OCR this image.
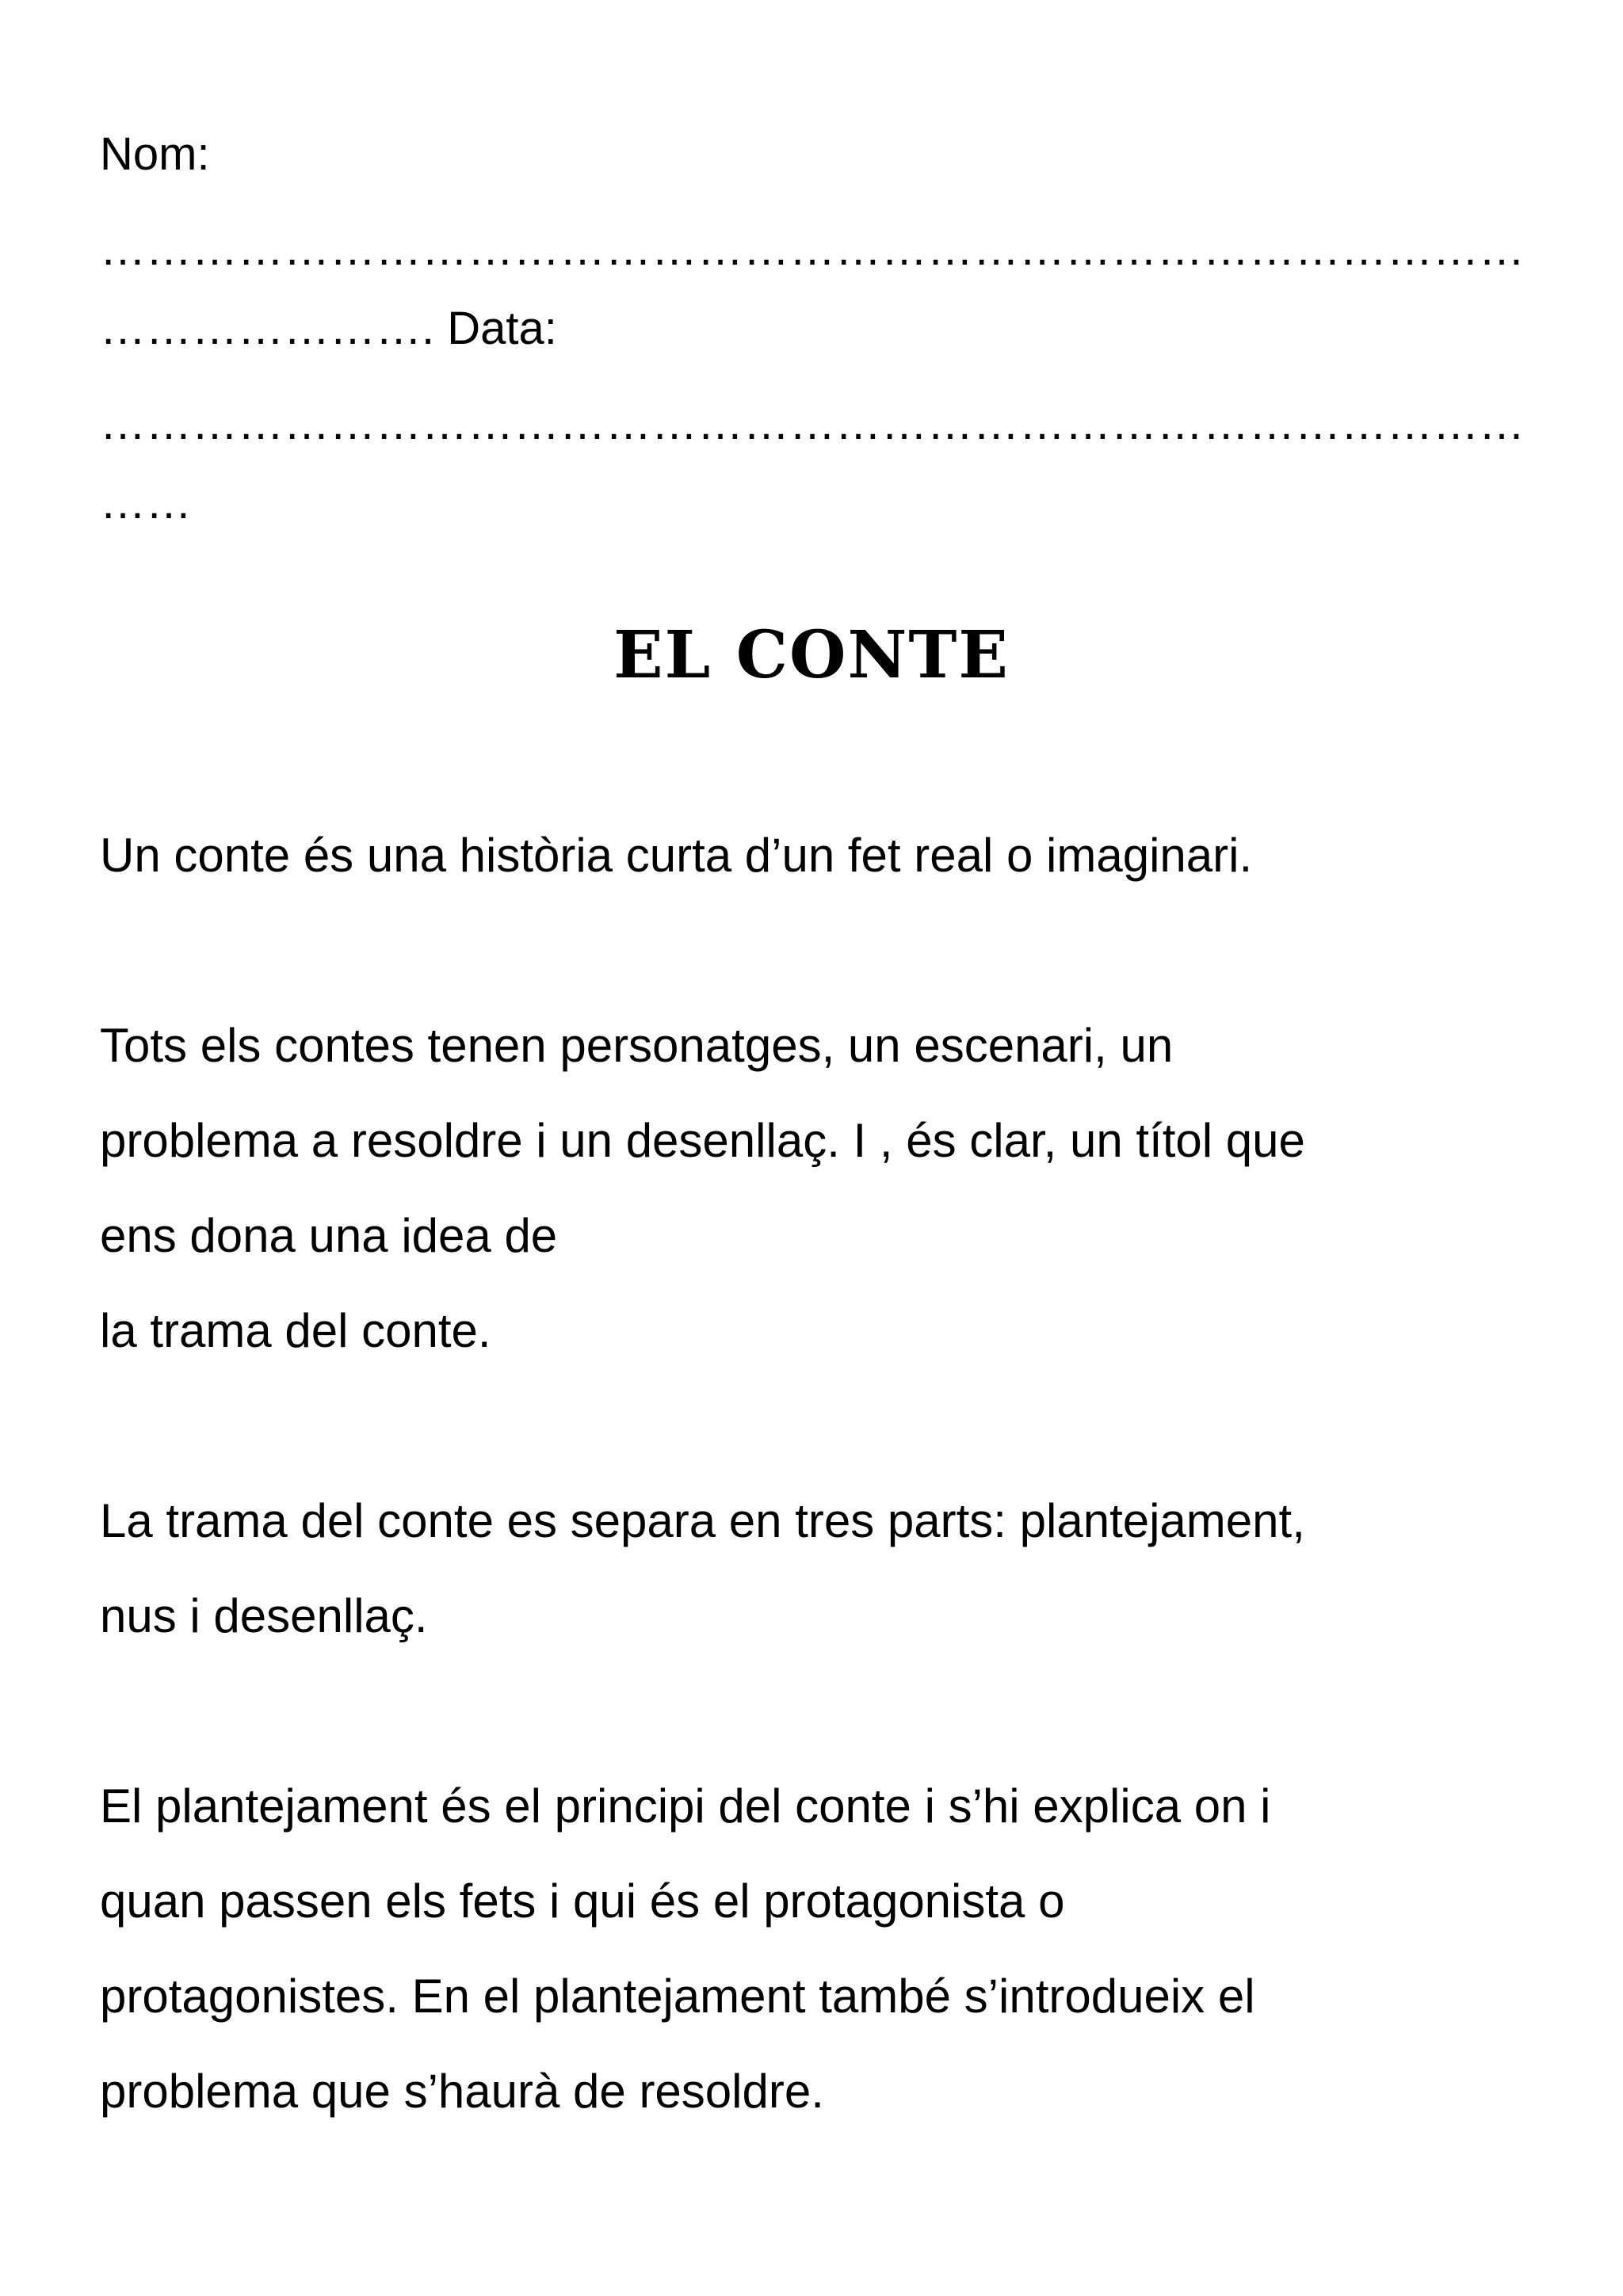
Nom:

…………………………………………………………………………………

…………………. Data:

…………………………………………………………………………………

……

EL CONTE

Un conte és una història curta d’un fet real o imaginari.

Tots els contes tenen personatges, un escenari, un

problema a resoldre i un desenllaç. I , és clar, un títol que

ens dona una idea de

la trama del conte.

La trama del conte es separa en tres parts: plantejament,

nus i desenllaç.

El plantejament és el principi del conte i s’hi explica on i

quan passen els fets i qui és el protagonista o

protagonistes. En el plantejament també s’introdueix el

problema que s’haurà de resoldre.
